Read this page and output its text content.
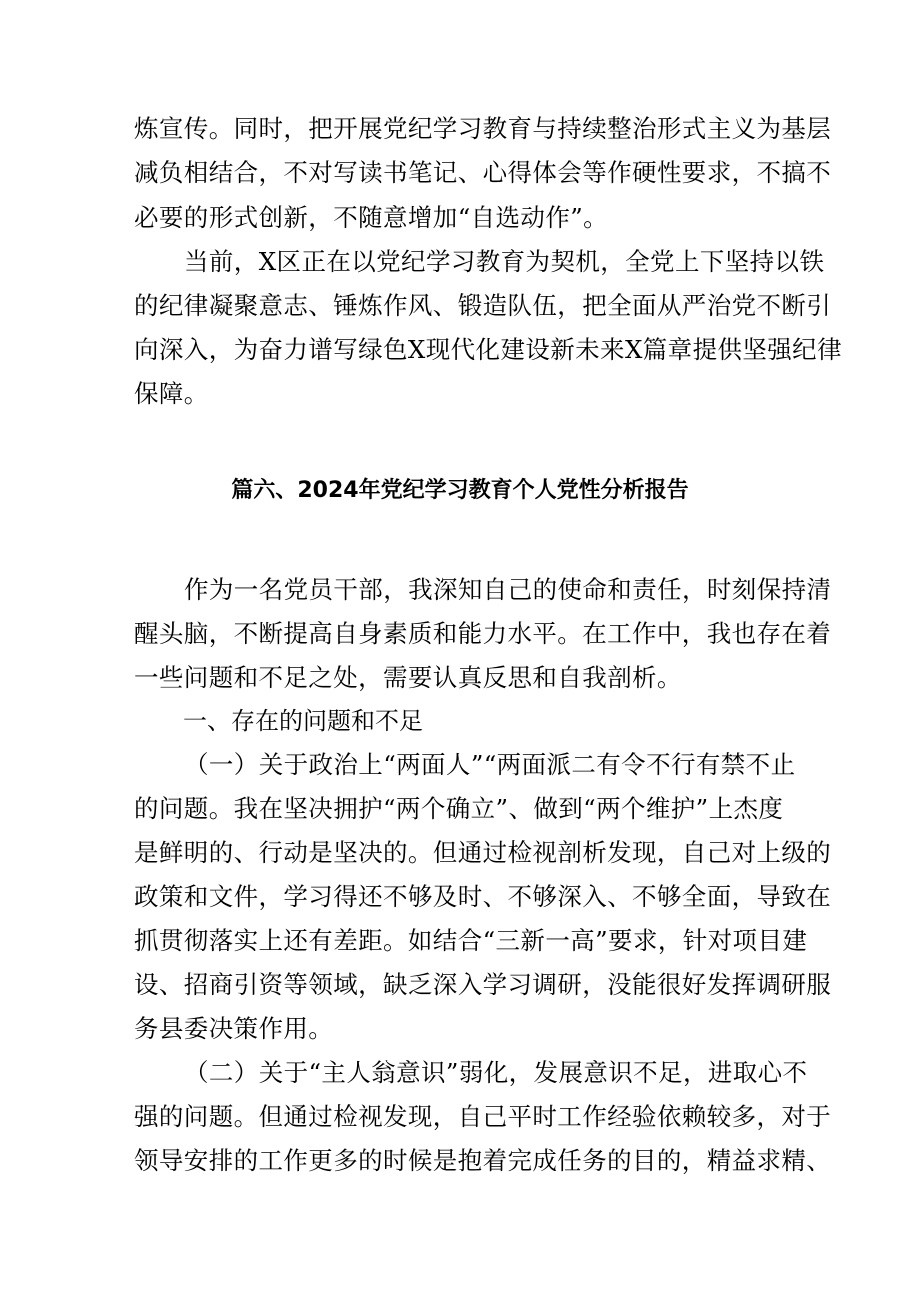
炼宣传。同时，把开展党纪学习教育与持续整治形式主义为基层
减负相结合，不对写读书笔记、心得体会等作硬性要求，不搞不
必要的形式创新，不随意增加“自选动作”。
当前，X区正在以党纪学习教育为契机，全党上下坚持以铁
的纪律凝聚意志、锤炼作风、锻造队伍，把全面从严治党不断引
向深入，为奋力谱写绿色X现代化建设新未来X篇章提供坚强纪律
保障。
篇六、2024年党纪学习教育个人党性分析报告
作为一名党员干部，我深知自己的使命和责任，时刻保持清
醒头脑，不断提高自身素质和能力水平。在工作中，我也存在着
一些问题和不足之处，需要认真反思和自我剖析。
一、存在的问题和不足
（一）关于政治上“两面人”“两面派二有令不行有禁不止
的问题。我在坚决拥护“两个确立”、做到“两个维护”上杰度
是鲜明的、行动是坚决的。但通过检视剖析发现，自己对上级的
政策和文件，学习得还不够及时、不够深入、不够全面，导致在
抓贯彻落实上还有差距。如结合“三新一高”要求，针对项目建
设、招商引资等领域，缺乏深入学习调研，没能很好发挥调研服
务县委决策作用。
（二）关于“主人翁意识”弱化，发展意识不足，进取心不
强的问题。但通过检视发现，自己平时工作经验依赖较多，对于
领导安排的工作更多的时候是抱着完成任务的目的，精益求精、
